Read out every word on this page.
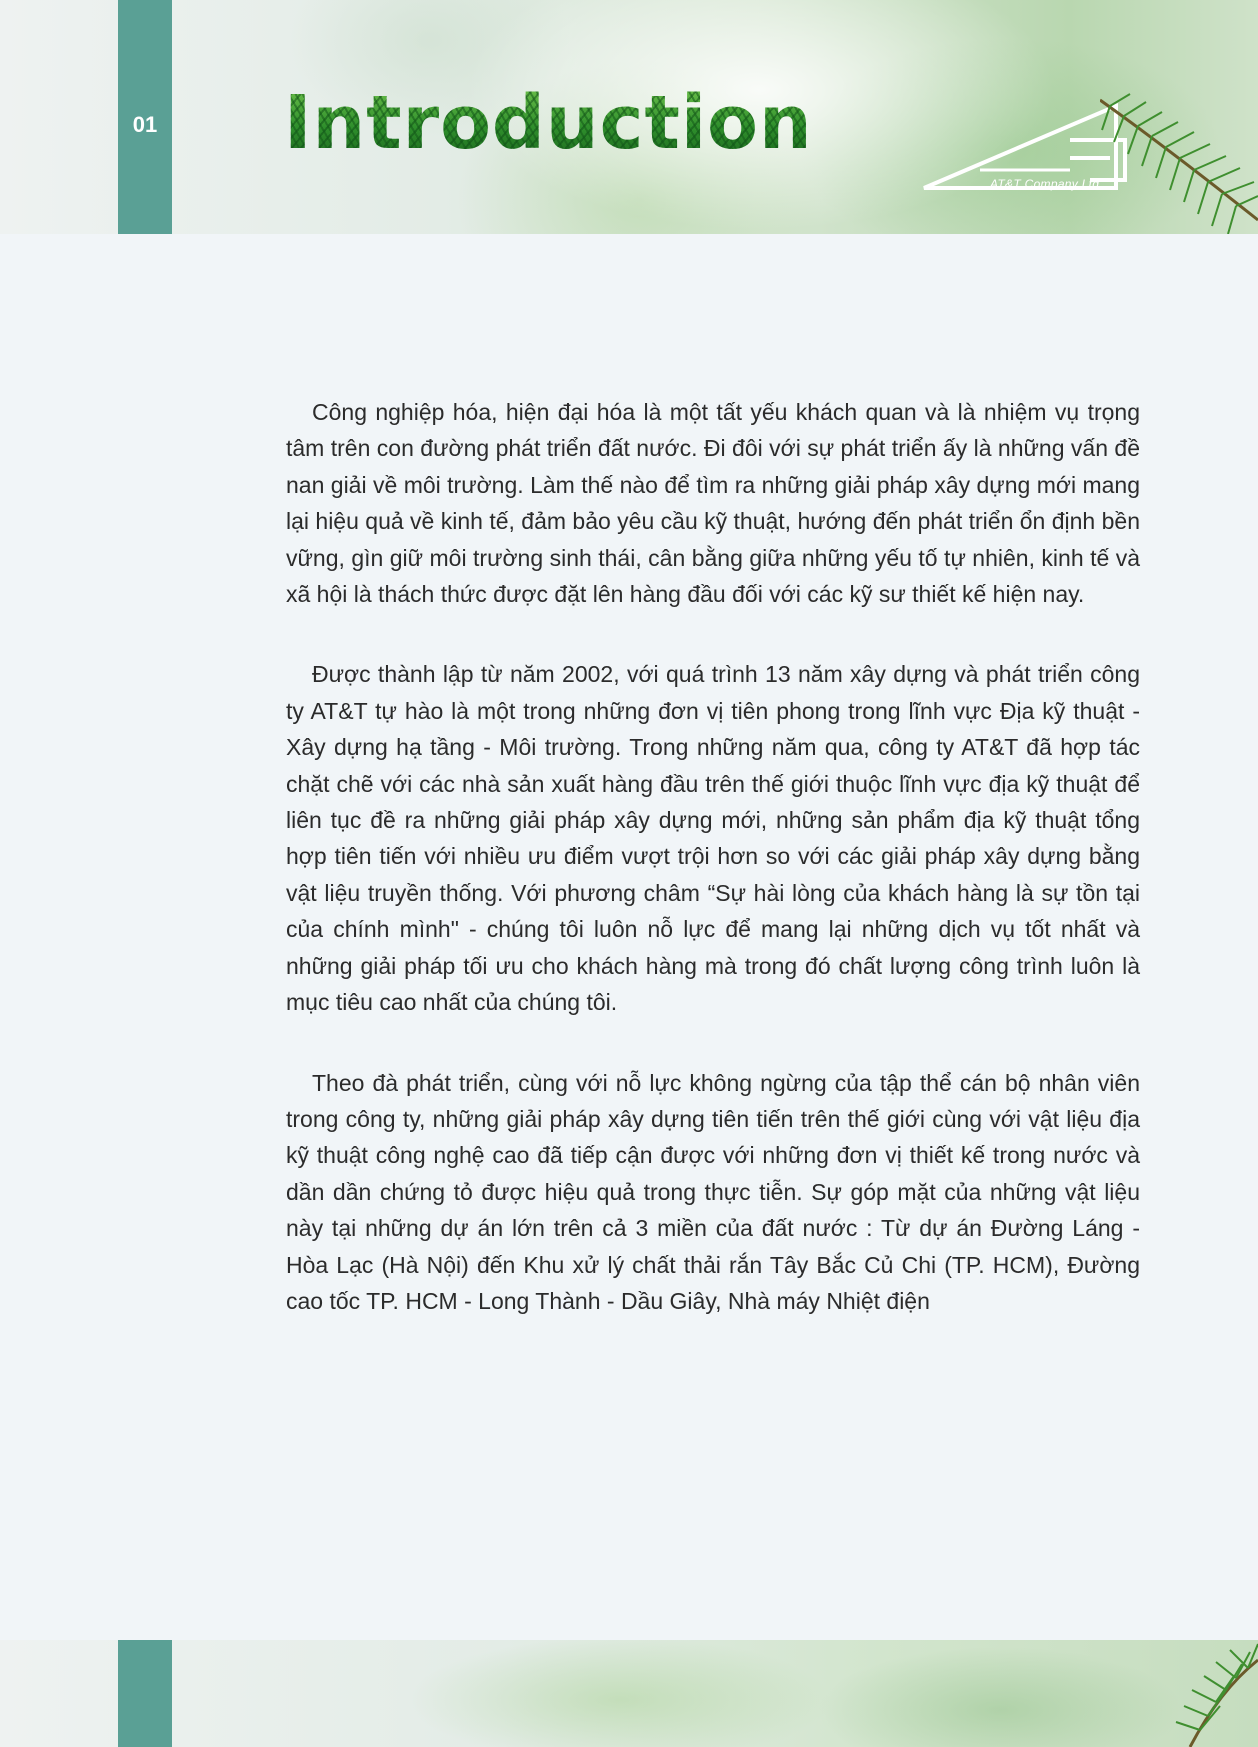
01 Introduction
AT&T Company Ltd

Công nghiệp hóa, hiện đại hóa là một tất yếu khách quan và là nhiệm vụ trọng tâm trên con đường phát triển đất nước. Đi đôi với sự phát triển ấy là những vấn đề nan giải về môi trường. Làm thế nào để tìm ra những giải pháp xây dựng mới mang lại hiệu quả về kinh tế, đảm bảo yêu cầu kỹ thuật, hướng đến phát triển ổn định bền vững, gìn giữ môi trường sinh thái, cân bằng giữa những yếu tố tự nhiên, kinh tế và xã hội là thách thức được đặt lên hàng đầu đối với các kỹ sư thiết kế hiện nay.

Được thành lập từ năm 2002, với quá trình 13 năm xây dựng và phát triển công ty AT&T tự hào là một trong những đơn vị tiên phong trong lĩnh vực Địa kỹ thuật - Xây dựng hạ tầng - Môi trường. Trong những năm qua, công ty AT&T đã hợp tác chặt chẽ với các nhà sản xuất hàng đầu trên thế giới thuộc lĩnh vực địa kỹ thuật để liên tục đề ra những giải pháp xây dựng mới, những sản phẩm địa kỹ thuật tổng hợp tiên tiến với nhiều ưu điểm vượt trội hơn so với các giải pháp xây dựng bằng vật liệu truyền thống. Với phương châm “Sự hài lòng của khách hàng là sự tồn tại của chính mình" - chúng tôi luôn nỗ lực để mang lại những dịch vụ tốt nhất và những giải pháp tối ưu cho khách hàng mà trong đó chất lượng công trình luôn là mục tiêu cao nhất của chúng tôi.

Theo đà phát triển, cùng với nỗ lực không ngừng của tập thể cán bộ nhân viên trong công ty, những giải pháp xây dựng tiên tiến trên thế giới cùng với vật liệu địa kỹ thuật công nghệ cao đã tiếp cận được với những đơn vị thiết kế trong nước và dần dần chứng tỏ được hiệu quả trong thực tiễn. Sự góp mặt của những vật liệu này tại những dự án lớn trên cả 3 miền của đất nước : Từ dự án Đường Láng - Hòa Lạc (Hà Nội) đến Khu xử lý chất thải rắn Tây Bắc Củ Chi (TP. HCM), Đường cao tốc TP. HCM - Long Thành - Dầu Giây, Nhà máy Nhiệt điện
